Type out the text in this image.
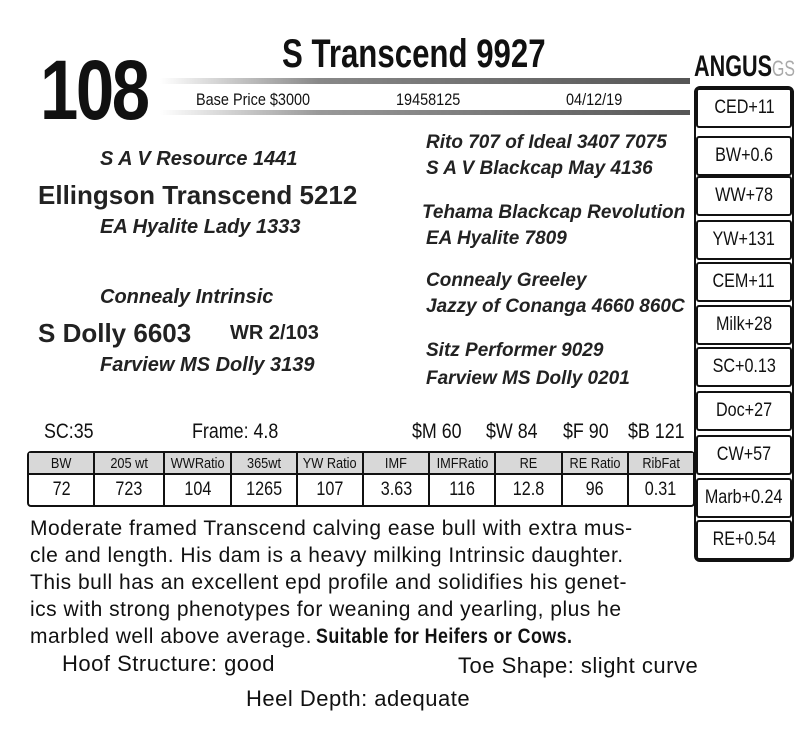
108	S Transcend 9927
Base Price $3000	19458125	04/12/19
ANGUSGS
CED+11
BW+0.6
WW+78
YW+131
CEM+11
Milk+28
SC+0.13
Doc+27
CW+57
Marb+0.24
RE+0.54
S A V Resource 1441
Ellingson Transcend 5212
EA Hyalite Lady 1333
Connealy Intrinsic
S Dolly 6603 WR 2/103
Farview MS Dolly 3139
Rito 707 of Ideal 3407 7075
S A V Blackcap May 4136
Tehama Blackcap Revolution
EA Hyalite 7809
Connealy Greeley
Jazzy of Conanga 4660 860C
Sitz Performer 9029
Farview MS Dolly 0201
SC:35	Frame: 4.8	$M 60 $W 84 $F 90 $B 121
BW	205 wt	WWRatio	365wt	YW Ratio	IMF	IMFRatio	RE	RE Ratio	RibFat
72	723	104	1265	107	3.63	116	12.8	96	0.31
Moderate framed Transcend calving ease bull with extra mus-
cle and length. His dam is a heavy milking Intrinsic daughter.
This bull has an excellent epd profile and solidifies his genet-
ics with strong phenotypes for weaning and yearling, plus he
marbled well above average. Suitable for Heifers or Cows.
Hoof Structure: good	Toe Shape: slight curve
Heel Depth: adequate
